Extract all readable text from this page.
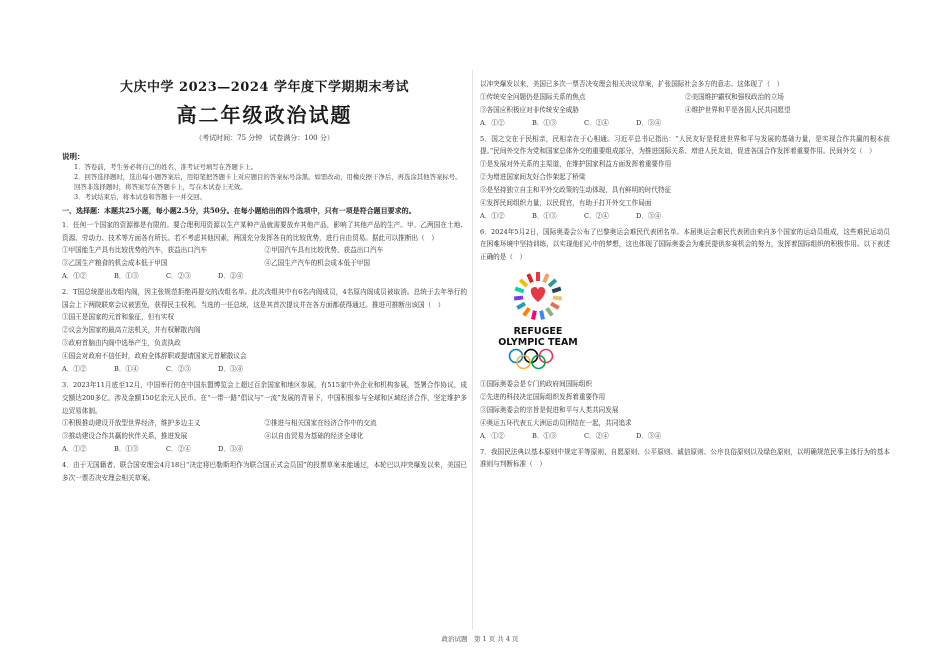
大庆中学 2023—2024 学年度下学期期末考试
高二年级政治试题
（考试时间：75 分钟　试卷满分：100 分）
说明：
1．答卷前，考生务必将自己的姓名、准考证号填写在答题卡上。
2．回答选择题时，选出每小题答案后，用铅笔把答题卡上对应题目的答案标号涂黑。如需改动，用橡皮擦干净后，再选涂其他答案标号。回答非选择题时，将答案写在答题卡上，写在本试卷上无效。
3．考试结束后，将本试卷和答题卡一并交回。
一、选择题：本题共25小题，每小题2.5分，共50分。在每小题给出的四个选项中，只有一项是符合题目要求的。
1．任何一个国家的资源都是有限的。要合理利用资源以生产某种产品就需要放弃其他产品，影响了其他产品的生产。甲、乙两国在土地、资源、劳动力、技术等方面各有所长。若不考虑其他因素，两国充分发挥各自的比较优势，进行自由贸易。据此可以推断出（　）
①甲国能生产具有比较优势的汽车，获益出口汽车	②甲国汽车具有比较优势，获益出口汽车
③乙国生产粮食的机会成本低于甲国	④乙国生产汽车的机会成本低于甲国
A．①②	B．①③	C．②③	D．②④
2．T国总统提出改组内阁，因主张规范拒绝再提交的改组名单。此次改组其中有6名内阁成员，4名原内阁成员被取消。总统于去年举行的国会上下两院联席会议被罢免，获得民主权利。当选的一任总统，这是其首次提议并在各方面都获得通过。推进可推断出该国（　）
①国王是国家的元首和象征，但有实权
②议会为国家的最高立法机关，并有权解散内阁
③政府首脑由内阁中选举产生，负责执政
④国会对政府不信任时，政府全体辞职或提请国家元首解散议会
A．①②	B．①④	C．②③	D．③④
3．2023年11月底至12月，中国举行的在中国东盟博览会上超过百余国家和地区参展，有515家中外企业和机构参展，签署合作协议，成交额达200多亿，涉及金额150亿余元人民币。在“一带一路”倡议与“一流”发展的背景下，中国积极参与全球和区域经济合作，坚定维护多边贸易体制。
①积极推动建设开放型世界经济，维护多边主义	②推进与相关国家在经济合作中的交流
③推动建设合作共赢的伙伴关系，推进发展	④以自由贸易为基础的经济全球化
A．①②	B．①③	C．②④	D．③④
4．由于无国籍者、联合国安理会4月18日“决定将巴勒斯坦作为联合国正式会员国”的投票草案未能通过，本轮巴以冲突爆发以来，美国已多次一票否决安理会相关草案。
以冲突爆发以来，美国已多次一票否决安理会相关决议草案，扩张国际社会多方的意志。这体现了（　）
①传统安全问题仍是国际关系的焦点	②美国维护霸权和强权政治的立场
③各国应积极应对非传统安全威胁	④维护世界和平是各国人民共同愿望
A．①②	B．①③	C．②④	D．③④
5．国之交在于民相亲，民相亲在于心相通。习近平总书记指出：“人民友好是促进世界和平与发展的基础力量，是实现合作共赢的根本前提。”民间外交作为党和国家总体外交的重要组成部分，为推进国际关系、增进人民友谊，促进各国合作发挥着重要作用。民间外交（　）
①是发展对外关系的主渠道，在维护国家利益方面发挥着重要作用
②为增进国家间友好合作架起了桥梁
③是坚持独立自主和平外交政策的生动体现，具有鲜明的时代特征
④发挥民间组织力量，以民促官，有助于打开外交工作局面
A．①②	B．①③	C．②④	D．③④
6．2024年5月2日，国际奥委会公布了巴黎奥运会难民代表团名单。本届奥运会难民代表团由来自多个国家的运动员组成，这些难民运动员在困难环境中坚持训练，以实现他们心中的梦想，这也体现了国际奥委会为难民提供参赛机会的努力，发挥着国际组织的积极作用。以下表述正确的是（　）
REFUGEE
OLYMPIC TEAM
①国际奥委会是专门的政府间国际组织
②先进的科技决定国际组织发挥着重要作用
③国际奥委会的宗旨是促进和平与人类共同发展
④奥运五环代表五大洲运动员团结在一起，共同追求
A．①②	B．①③	C．②④	D．③④
7．我国民法典以基本原则中规定平等原则、自愿原则、公平原则、诚信原则、公序良俗原则以及绿色原则，以明确规范民事主体行为的基本准则与判断标准（　）
政治试题　第 1 页 共 4 页
